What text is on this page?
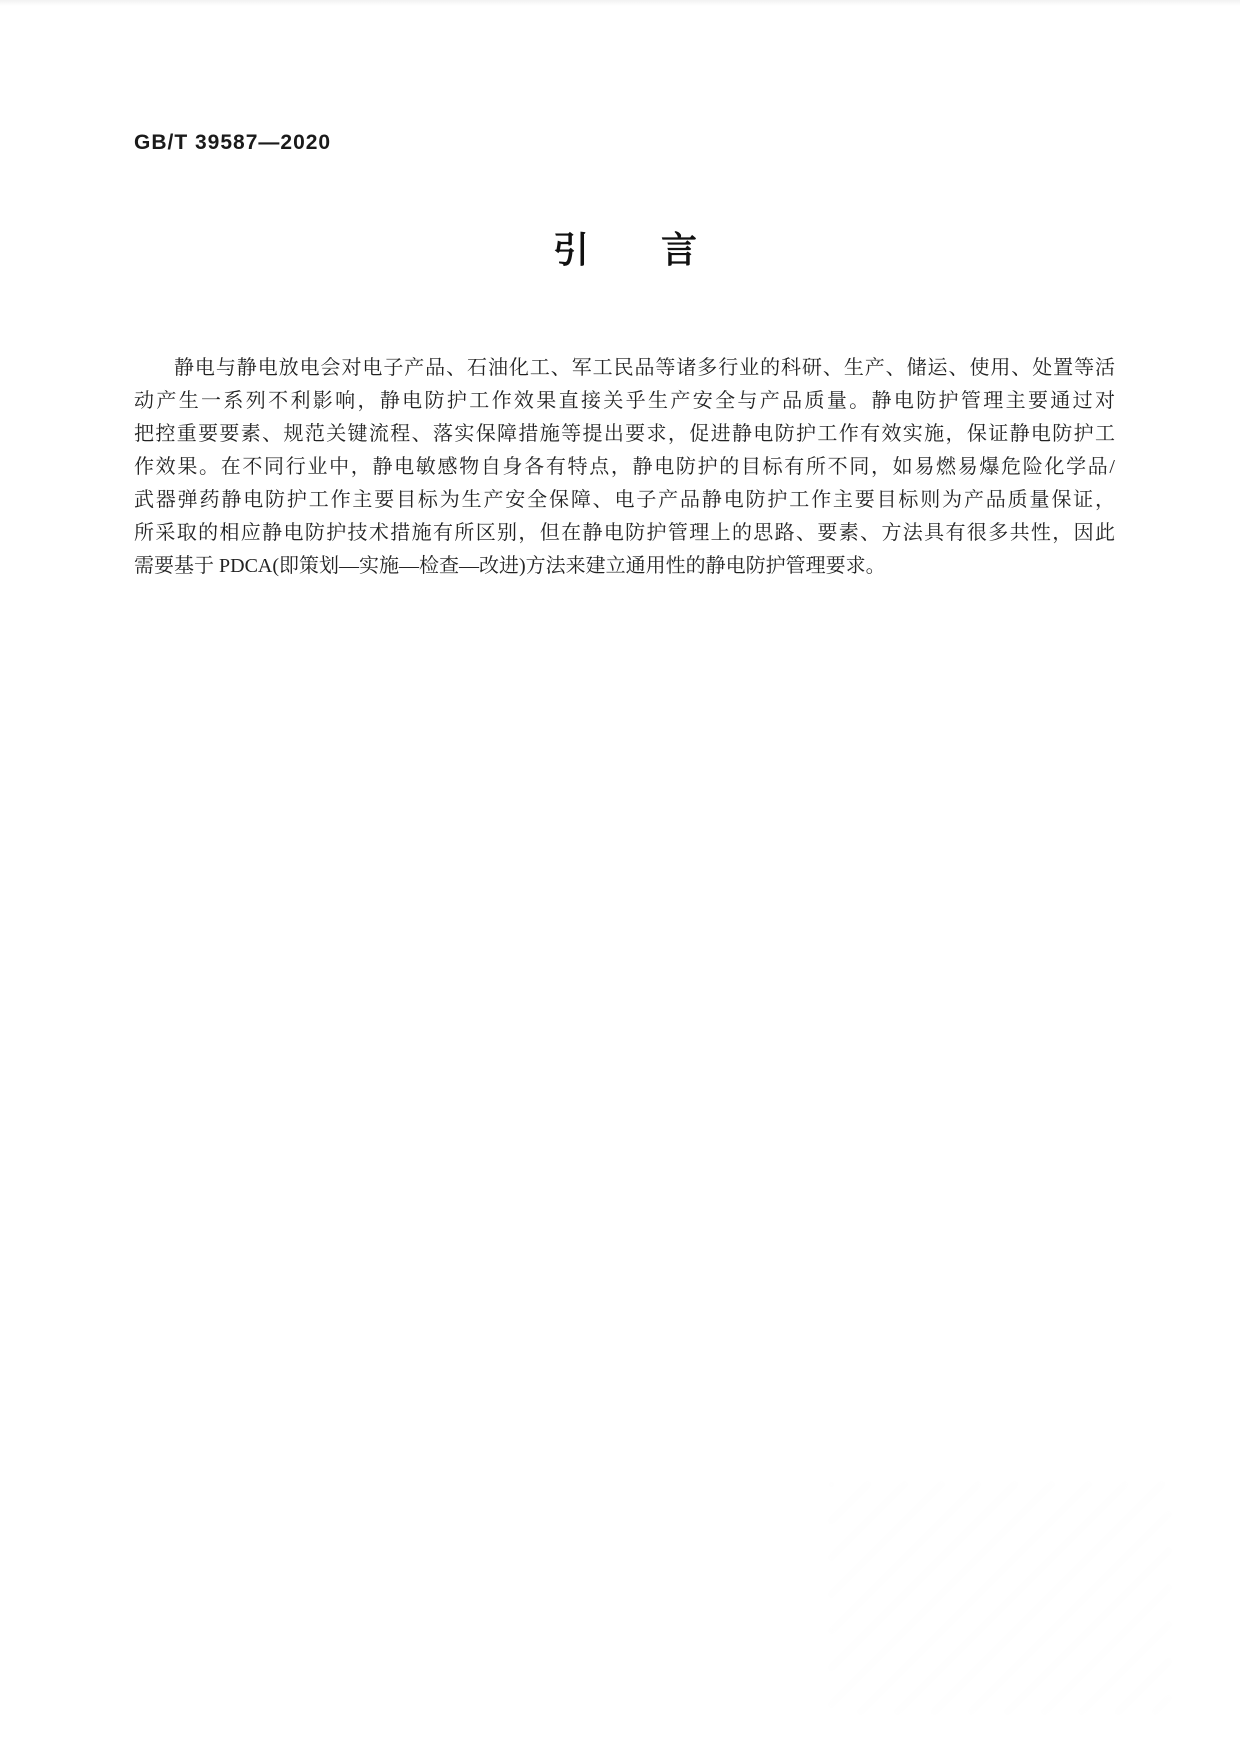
GB/T 39587—2020
引　　言
静电与静电放电会对电子产品、石油化工、军工民品等诸多行业的科研、生产、储运、使用、处置等活
动产生一系列不利影响，静电防护工作效果直接关乎生产安全与产品质量。静电防护管理主要通过对
把控重要要素、规范关键流程、落实保障措施等提出要求，促进静电防护工作有效实施，保证静电防护工
作效果。在不同行业中，静电敏感物自身各有特点，静电防护的目标有所不同，如易燃易爆危险化学品/
武器弹药静电防护工作主要目标为生产安全保障、电子产品静电防护工作主要目标则为产品质量保证，
所采取的相应静电防护技术措施有所区别，但在静电防护管理上的思路、要素、方法具有很多共性，因此
需要基于 PDCA(即策划—实施—检查—改进)方法来建立通用性的静电防护管理要求。
